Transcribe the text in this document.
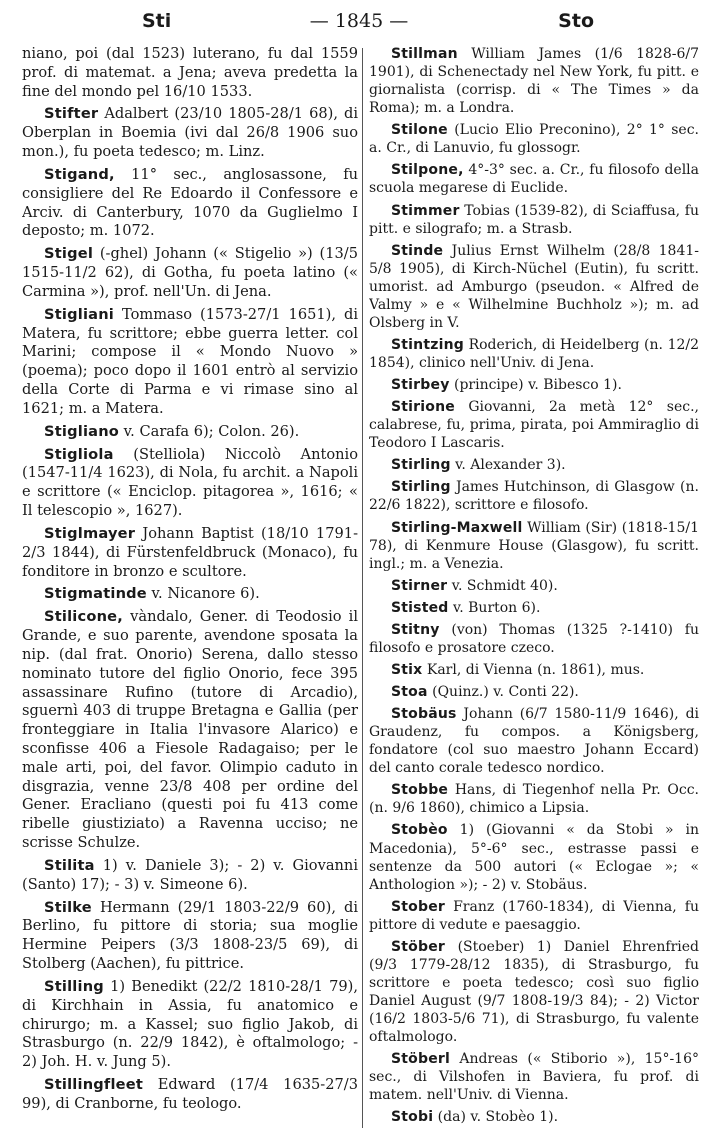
Sti	— 1845 —	Sto

niano, poi (dal 1523) luterano, fu dal 1559 prof. di matemat. a Jena; aveva predetta la fine del mondo pel 16/10 1533.

Stifter Adalbert (23/10 1805-28/1 68), di Oberplan in Boemia (ivi dal 26/8 1906 suo mon.), fu poeta tedesco; m. Linz.

Stigand, 11° sec., anglosassone, fu consigliere del Re Edoardo il Confessore e Arciv. di Canterbury, 1070 da Guglielmo I deposto; m. 1072.

Stigel (-ghel) Johann (« Stigelio ») (13/5 1515-11/2 62), di Gotha, fu poeta latino (« Carmina »), prof. nell'Un. di Jena.

Stigliani Tommaso (1573-27/1 1651), di Matera, fu scrittore; ebbe guerra letter. col Marini; compose il « Mondo Nuovo » (poema); poco dopo il 1601 entrò al servizio della Corte di Parma e vi rimase sino al 1621; m. a Matera.

Stigliano v. Carafa 6); Colon. 26).

Stigliola (Stelliola) Niccolò Antonio (1547-11/4 1623), di Nola, fu archit. a Napoli e scrittore (« Enciclop. pitagorea », 1616; « Il telescopio », 1627).

Stiglmayer Johann Baptist (18/10 1791-2/3 1844), di Fürstenfeldbruck (Monaco), fu fonditore in bronzo e scultore.

Stigmatinde v. Nicanore 6).

Stilicone, vàndalo, Gener. di Teodosio il Grande, e suo parente, avendone sposata la nip. (dal frat. Onorio) Serena, dallo stesso nominato tutore del figlio Onorio, fece 395 assassinare Rufino (tutore di Arcadio), sguernì 403 di truppe Bretagna e Gallia (per fronteggiare in Italia l'invasore Alarico) e sconfisse 406 a Fiesole Radagaiso; per le male arti, poi, del favor. Olimpio caduto in disgrazia, venne 23/8 408 per ordine del Gener. Eracliano (questi poi fu 413 come ribelle giustiziato) a Ravenna ucciso; ne scrisse Schulze.

Stilita 1) v. Daniele 3); - 2) v. Giovanni (Santo) 17); - 3) v. Simeone 6).

Stilke Hermann (29/1 1803-22/9 60), di Berlino, fu pittore di storia; sua moglie Hermine Peipers (3/3 1808-23/5 69), di Stolberg (Aachen), fu pittrice.

Stilling 1) Benedikt (22/2 1810-28/1 79), di Kirchhain in Assia, fu anatomico e chirurgo; m. a Kassel; suo figlio Jakob, di Strasburgo (n. 22/9 1842), è oftalmologo; - 2) Joh. H. v. Jung 5).

Stillingfleet Edward (17/4 1635-27/3 99), di Cranborne, fu teologo.

Stillman William James (1/6 1828-6/7 1901), di Schenectady nel New York, fu pitt. e giornalista (corrisp. di « The Times » da Roma); m. a Londra.

Stilone (Lucio Elio Preconino), 2° 1° sec. a. Cr., di Lanuvio, fu glossogr.

Stilpone, 4°-3° sec. a. Cr., fu filosofo della scuola megarese di Euclide.

Stimmer Tobias (1539-82), di Sciaffusa, fu pitt. e silografo; m. a Strasb.

Stinde Julius Ernst Wilhelm (28/8 1841-5/8 1905), di Kirch-Nüchel (Eutin), fu scritt. umorist. ad Amburgo (pseudon. « Alfred de Valmy » e « Wilhelmine Buchholz »); m. ad Olsberg in V.

Stintzing Roderich, di Heidelberg (n. 12/2 1854), clinico nell'Univ. di Jena.

Stirbey (principe) v. Bibesco 1).

Stirione Giovanni, 2a metà 12° sec., calabrese, fu, prima, pirata, poi Ammiraglio di Teodoro I Lascaris.

Stirling v. Alexander 3).

Stirling James Hutchinson, di Glasgow (n. 22/6 1822), scrittore e filosofo.

Stirling-Maxwell William (Sir) (1818-15/1 78), di Kenmure House (Glasgow), fu scritt. ingl.; m. a Venezia.

Stirner v. Schmidt 40).

Stisted v. Burton 6).

Stitny (von) Thomas (1325 ?-1410) fu filosofo e prosatore czeco.

Stix Karl, di Vienna (n. 1861), mus.

Stoa (Quinz.) v. Conti 22).

Stobäus Johann (6/7 1580-11/9 1646), di Graudenz, fu compos. a Königsberg, fondatore (col suo maestro Johann Eccard) del canto corale tedesco nordico.

Stobbe Hans, di Tiegenhof nella Pr. Occ. (n. 9/6 1860), chimico a Lipsia.

Stobèo 1) (Giovanni « da Stobi » in Macedonia), 5°-6° sec., estrasse passi e sentenze da 500 autori (« Eclogae »; « Anthologion »); - 2) v. Stobäus.

Stober Franz (1760-1834), di Vienna, fu pittore di vedute e paesaggio.

Stöber (Stoeber) 1) Daniel Ehrenfried (9/3 1779-28/12 1835), di Strasburgo, fu scrittore e poeta tedesco; così suo figlio Daniel August (9/7 1808-19/3 84); - 2) Victor (16/2 1803-5/6 71), di Strasburgo, fu valente oftalmologo.

Stöberl Andreas (« Stiborio »), 15°-16° sec., di Vilshofen in Baviera, fu prof. di matem. nell'Univ. di Vienna.

Stobi (da) v. Stobèo 1).
